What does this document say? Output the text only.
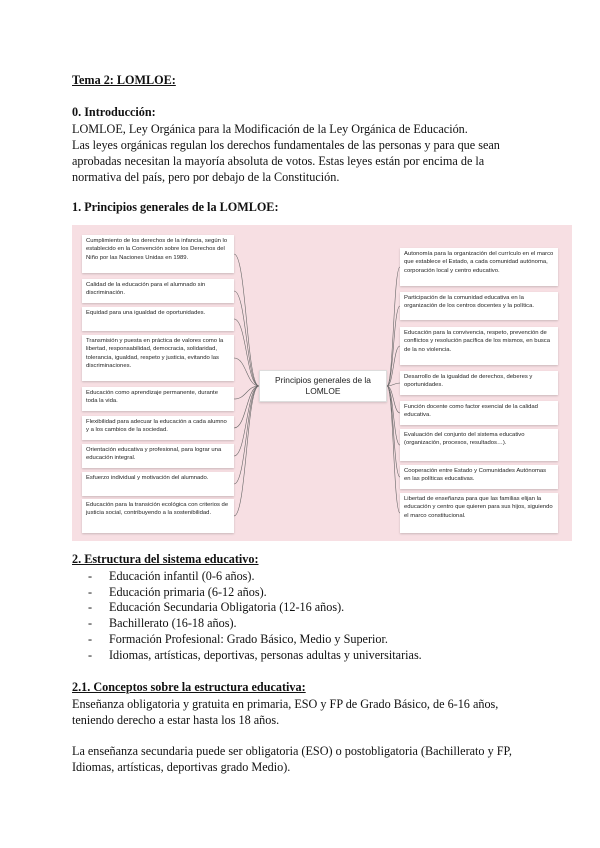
Tema 2: LOMLOE:
0. Introducción:
LOMLOE, Ley Orgánica para la Modificación de la Ley Orgánica de Educación.
Las leyes orgánicas regulan los derechos fundamentales de las personas y para que sean aprobadas necesitan la mayoría absoluta de votos. Estas leyes están por encima de la normativa del país, pero por debajo de la Constitución.
1. Principios generales de la LOMLOE:
Principios generales de la LOMLOE
Cumplimiento de los derechos de la infancia, según lo establecido en la Convención sobre los Derechos del Niño por las Naciones Unidas en 1989.
Calidad de la educación para el alumnado sin discriminación.
Equidad para una igualdad de oportunidades.
Transmisión y puesta en práctica de valores como la libertad, responsabilidad, democracia, solidaridad, tolerancia, igualdad, respeto y justicia, evitando las discriminaciones.
Educación como aprendizaje permanente, durante toda la vida.
Flexibilidad para adecuar la educación a cada alumno y a los cambios de la sociedad.
Orientación educativa y profesional, para lograr una educación integral.
Esfuerzo individual y motivación del alumnado.
Educación para la transición ecológica con criterios de justicia social, contribuyendo a la sostenibilidad.
Autonomía para la organización del currículo en el marco que establece el Estado, a cada comunidad autónoma, corporación local y centro educativo.
Participación de la comunidad educativa en la organización de los centros docentes y la política.
Educación para la convivencia, respeto, prevención de conflictos y resolución pacífica de los mismos, en busca de la no violencia.
Desarrollo de la igualdad de derechos, deberes y oportunidades.
Función docente como factor esencial de la calidad educativa.
Evaluación del conjunto del sistema educativo (organización, procesos, resultados…).
Cooperación entre Estado y Comunidades Autónomas en las políticas educativas.
Libertad de enseñanza para que las familias elijan la educación y centro que quieren para sus hijos, siguiendo el marco constitucional.
2. Estructura del sistema educativo:
- Educación infantil (0-6 años).
- Educación primaria (6-12 años).
- Educación Secundaria Obligatoria (12-16 años).
- Bachillerato (16-18 años).
- Formación Profesional: Grado Básico, Medio y Superior.
- Idiomas, artísticas, deportivas, personas adultas y universitarias.
2.1. Conceptos sobre la estructura educativa:
Enseñanza obligatoria y gratuita en primaria, ESO y FP de Grado Básico, de 6-16 años, teniendo derecho a estar hasta los 18 años.
La enseñanza secundaria puede ser obligatoria (ESO) o postobligatoria (Bachillerato y FP, Idiomas, artísticas, deportivas grado Medio).
